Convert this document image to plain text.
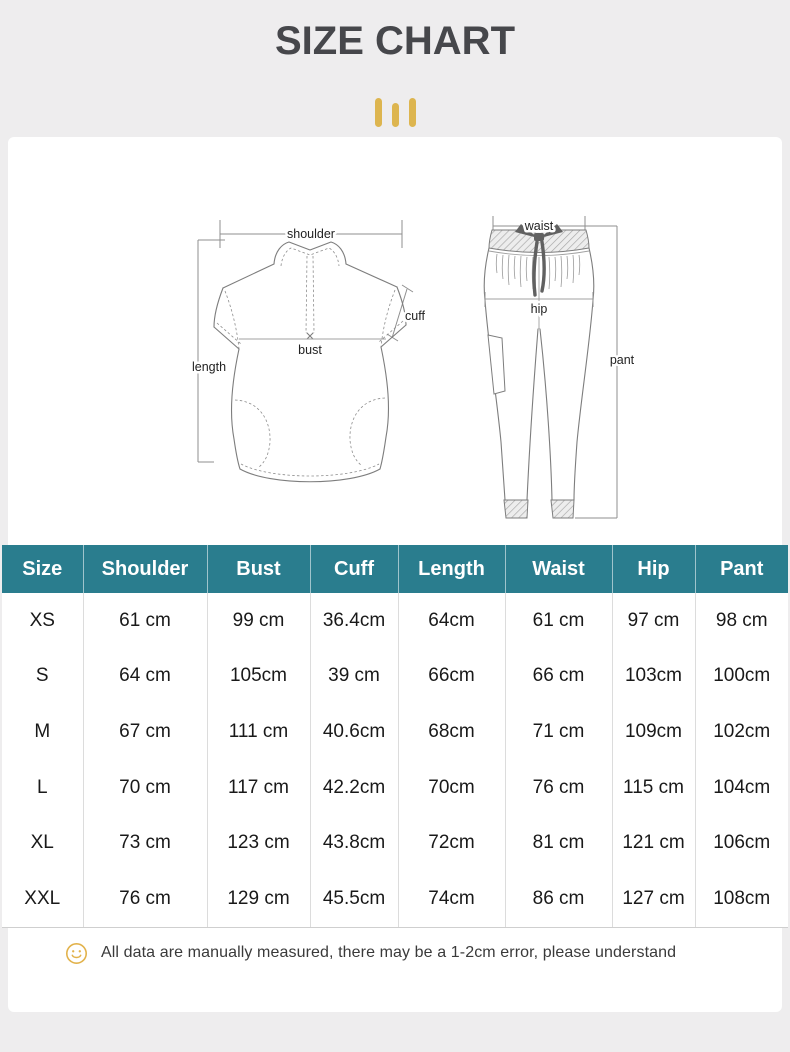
SIZE CHART
shoulder
length
cuff
bust
waist
hip
pant
Size	Shoulder	Bust	Cuff	Length	Waist	Hip	Pant
XS	61 cm	99 cm	36.4cm	64cm	61 cm	97 cm	98 cm
S	64 cm	105cm	39 cm	66cm	66 cm	103cm	100cm
M	67 cm	111 cm	40.6cm	68cm	71 cm	109cm	102cm
L	70 cm	117 cm	42.2cm	70cm	76 cm	115 cm	104cm
XL	73 cm	123 cm	43.8cm	72cm	81 cm	121 cm	106cm
XXL	76 cm	129 cm	45.5cm	74cm	86 cm	127 cm	108cm
All data are manually measured, there may be a 1-2cm error, please understand
